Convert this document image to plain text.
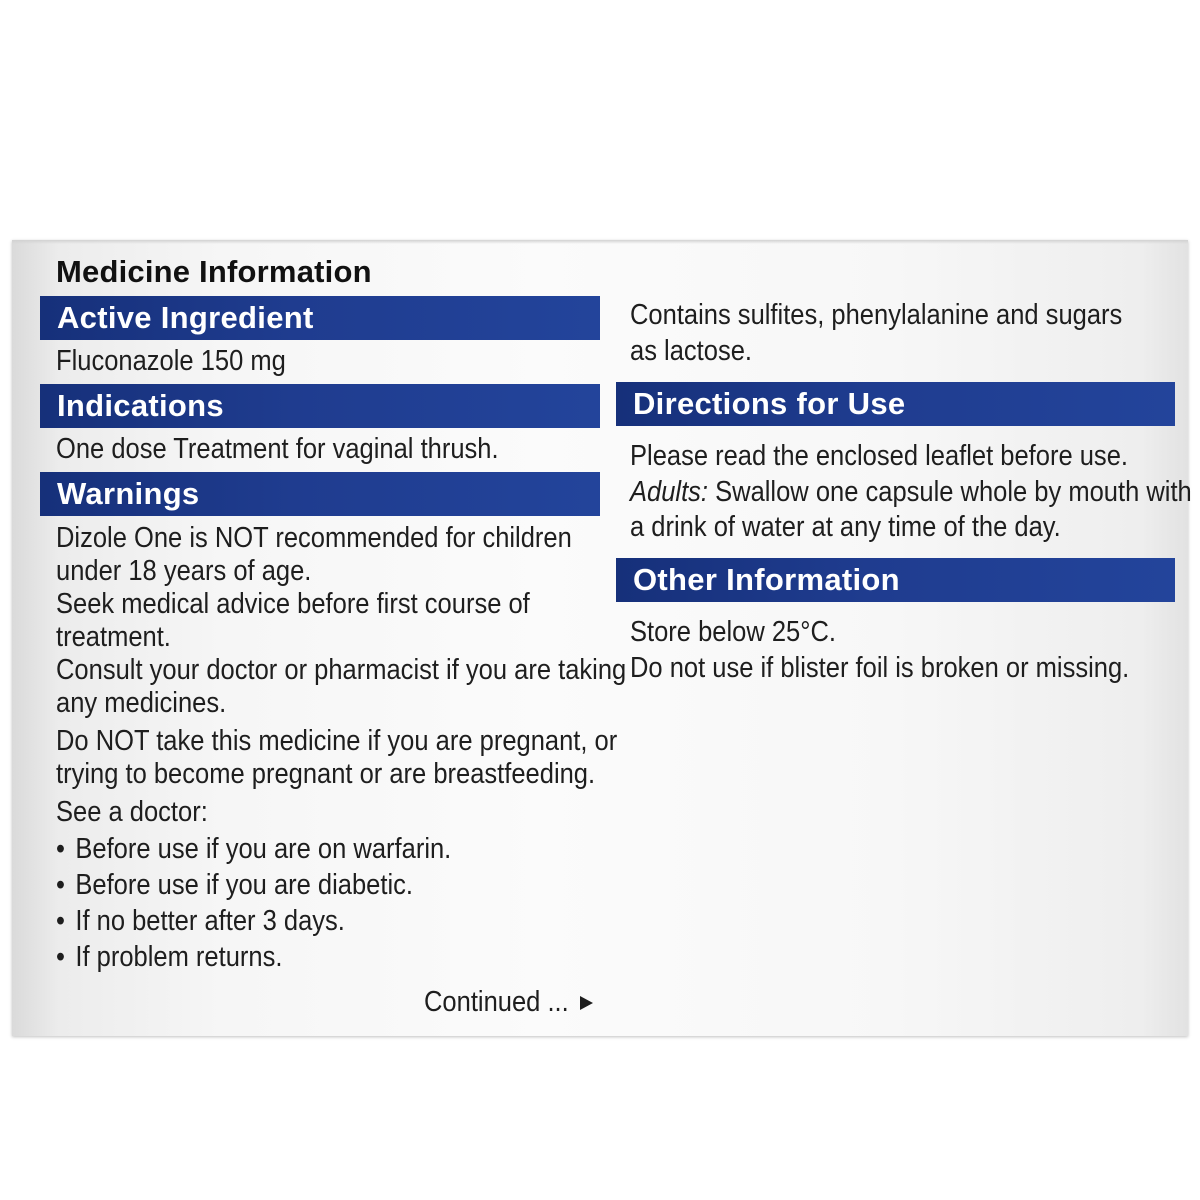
Medicine Information
Active Ingredient
Fluconazole 150 mg
Indications
One dose Treatment for vaginal thrush.
Warnings
Dizole One is NOT recommended for children
under 18 years of age.
Seek medical advice before first course of
treatment.
Consult your doctor or pharmacist if you are taking
any medicines.
Do NOT take this medicine if you are pregnant, or
trying to become pregnant or are breastfeeding.
See a doctor:
• Before use if you are on warfarin.
• Before use if you are diabetic.
• If no better after 3 days.
• If problem returns.
Continued ...
Contains sulfites, phenylalanine and sugars
as lactose.
Directions for Use
Please read the enclosed leaflet before use.
Adults: Swallow one capsule whole by mouth with
a drink of water at any time of the day.
Other Information
Store below 25°C.
Do not use if blister foil is broken or missing.
